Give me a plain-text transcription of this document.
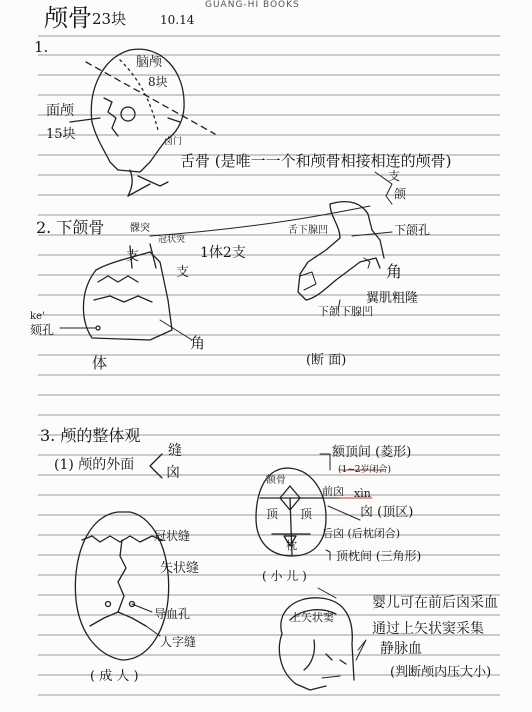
GUANG-HI BOOKS
颅骨 23块	10.14
1.
脑颅
8块
面颅
15块	卤门
舌骨 (是唯一一个和颅骨相接相连的颅骨)
支
颌
2. 下颌骨	髁突
冠状突
支
支
1体2支
ke'
颏孔
体
角
舌下腺凹	下颌孔
角
翼肌粗隆
下颌下腺凹
(断 面)
3. 颅的整体观
(1) 颅的外面
缝
囟
冠状缝
矢状缝
导血孔
人字缝
( 成 人 )
额顶间 (菱形)
(1~2岁闭合)
额骨
前囟 xìn
顶 顶
枕
囟 (顶区)
后囟 (后枕闭合)
顶枕间 (三角形)
( 小 儿 )
上矢状窦
婴儿可在前后囟采血
通过上矢状窦采集
静脉血
(判断颅内压大小)
